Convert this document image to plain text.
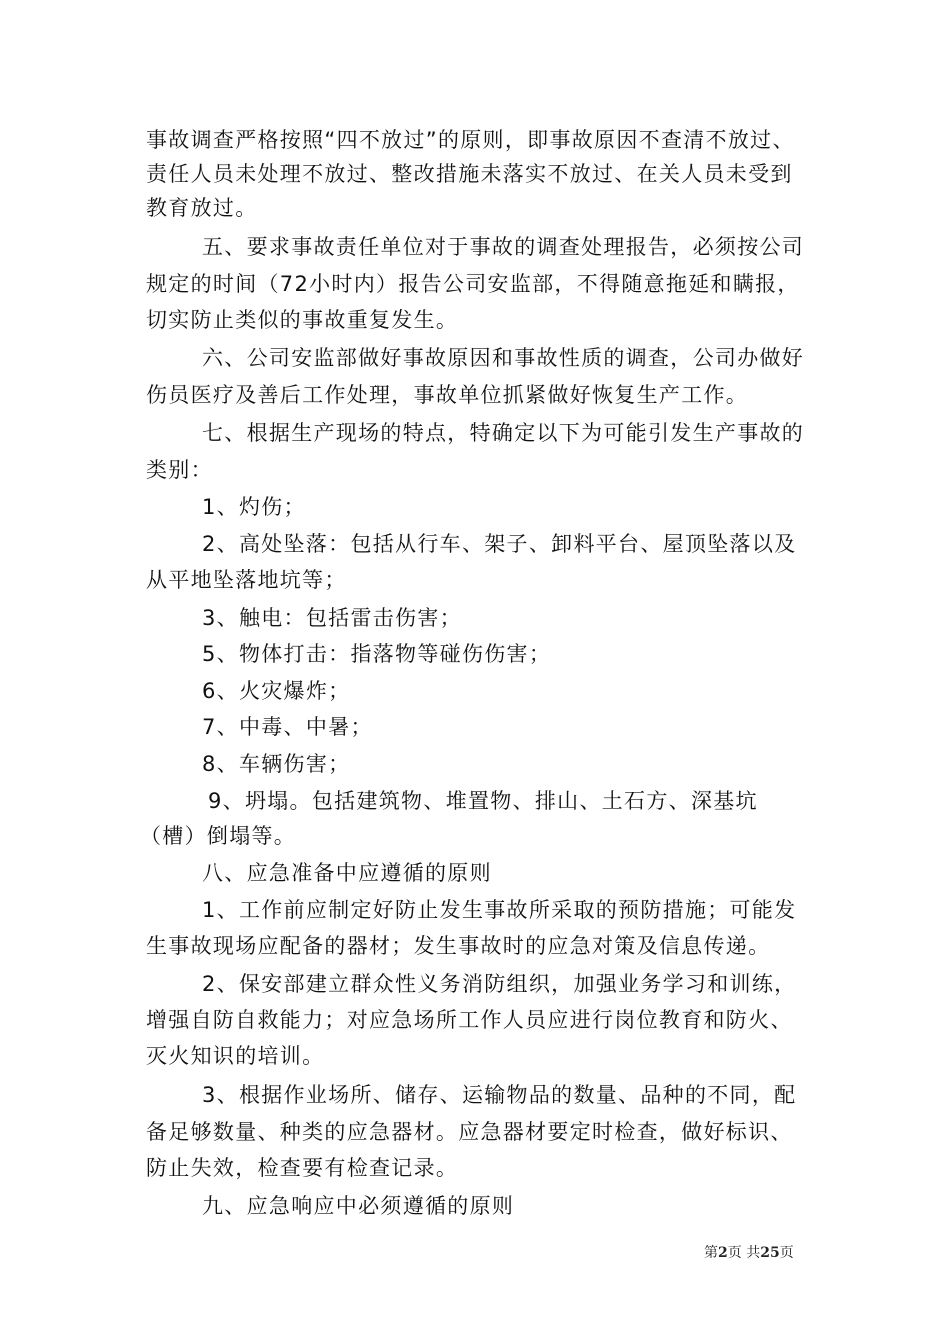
事故调查严格按照“四不放过”的原则，即事故原因不查清不放过、
责任人员未处理不放过、整改措施未落实不放过、在关人员未受到
教育放过。
五、要求事故责任单位对于事故的调查处理报告，必须按公司
规定的时间（72小时内）报告公司安监部，不得随意拖延和瞒报，
切实防止类似的事故重复发生。
六、公司安监部做好事故原因和事故性质的调查，公司办做好
伤员医疗及善后工作处理，事故单位抓紧做好恢复生产工作。
七、根据生产现场的特点，特确定以下为可能引发生产事故的
类别：
1、灼伤；
2、高处坠落：包括从行车、架子、卸料平台、屋顶坠落以及
从平地坠落地坑等；
3、触电：包括雷击伤害；
5、物体打击：指落物等碰伤伤害；
6、火灾爆炸；
7、中毒、中暑；
8、车辆伤害；
9、坍塌。包括建筑物、堆置物、排山、土石方、深基坑
（槽）倒塌等。
八、应急准备中应遵循的原则
1、工作前应制定好防止发生事故所采取的预防措施；可能发
生事故现场应配备的器材；发生事故时的应急对策及信息传递。
2、保安部建立群众性义务消防组织，加强业务学习和训练，
增强自防自救能力；对应急场所工作人员应进行岗位教育和防火、
灭火知识的培训。
3、根据作业场所、储存、运输物品的数量、品种的不同，配
备足够数量、种类的应急器材。应急器材要定时检查，做好标识、
防止失效，检查要有检查记录。
九、应急响应中必须遵循的原则
第2页 共25页
